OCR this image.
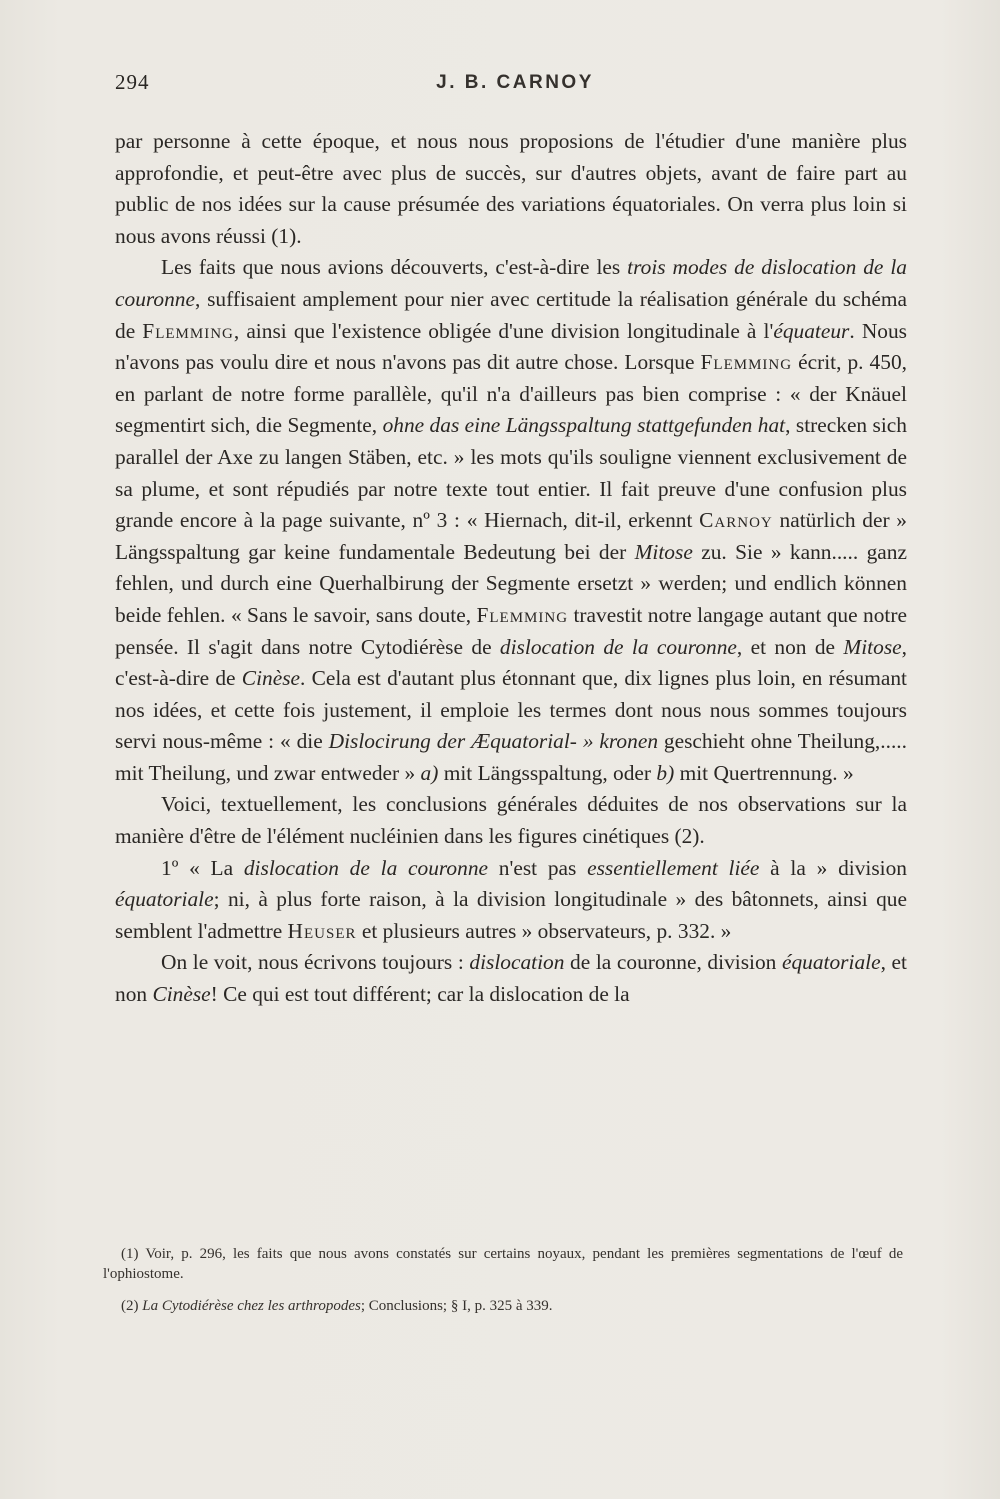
294	J. B. CARNOY

par personne à cette époque, et nous nous proposions de l'étudier d'une manière plus approfondie, et peut-être avec plus de succès, sur d'autres objets, avant de faire part au public de nos idées sur la cause présumée des variations équatoriales. On verra plus loin si nous avons réussi (1).

Les faits que nous avions découverts, c'est-à-dire les trois modes de dislocation de la couronne, suffisaient amplement pour nier avec certitude la réalisation générale du schéma de Flemming, ainsi que l'existence obligée d'une division longitudinale à l'équateur. Nous n'avons pas voulu dire et nous n'avons pas dit autre chose. Lorsque Flemming écrit, p. 450, en parlant de notre forme parallèle, qu'il n'a d'ailleurs pas bien comprise : « der Knäuel segmentirt sich, die Segmente, ohne das eine Längsspaltung stattgefunden hat, strecken sich parallel der Axe zu langen Stäben, etc. » les mots qu'ils souligne viennent exclusivement de sa plume, et sont répudiés par notre texte tout entier. Il fait preuve d'une confusion plus grande encore à la page suivante, nº 3 : « Hiernach, dit-il, erkennt Carnoy natürlich der » Längsspaltung gar keine fundamentale Bedeutung bei der Mitose zu. Sie » kann..... ganz fehlen, und durch eine Querhalbirung der Segmente ersetzt » werden; und endlich können beide fehlen. « Sans le savoir, sans doute, Flemming travestit notre langage autant que notre pensée. Il s'agit dans notre Cytodiérèse de dislocation de la couronne, et non de Mitose, c'est-à-dire de Cinèse. Cela est d'autant plus étonnant que, dix lignes plus loin, en résumant nos idées, et cette fois justement, il emploie les termes dont nous nous sommes toujours servi nous-même : « die Dislocirung der Æquatorial- » kronen geschieht ohne Theilung,..... mit Theilung, und zwar entweder » a) mit Längsspaltung, oder b) mit Quertrennung. »

Voici, textuellement, les conclusions générales déduites de nos observations sur la manière d'être de l'élément nucléinien dans les figures cinétiques (2).

1º « La dislocation de la couronne n'est pas essentiellement liée à la » division équatoriale; ni, à plus forte raison, à la division longitudinale » des bâtonnets, ainsi que semblent l'admettre Heuser et plusieurs autres » observateurs, p. 332. »

On le voit, nous écrivons toujours : dislocation de la couronne, division équatoriale, et non Cinèse! Ce qui est tout différent; car la dislocation de la

(1) Voir, p. 296, les faits que nous avons constatés sur certains noyaux, pendant les premières segmentations de l'œuf de l'ophiostome.

(2) La Cytodiérèse chez les arthropodes; Conclusions; § I, p. 325 à 339.
